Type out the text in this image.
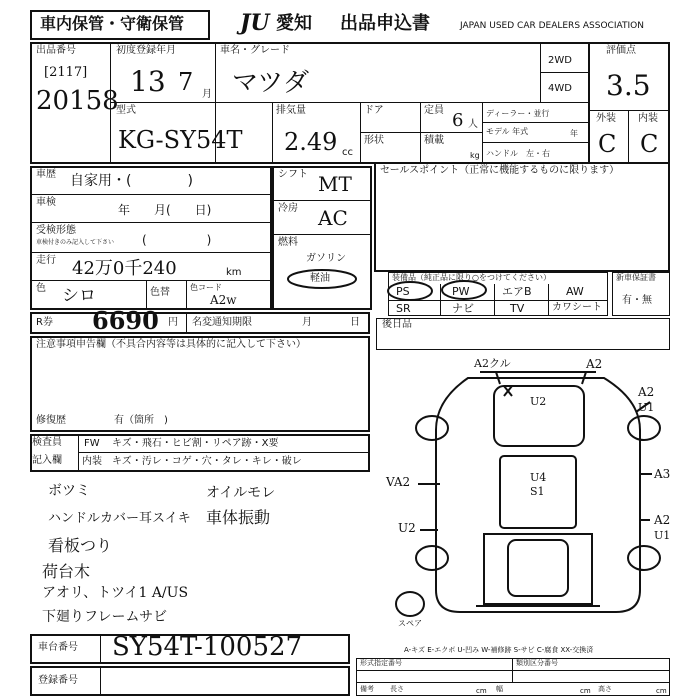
車内保管・守衛保管	JU 愛知 出品申込書	JAPAN USED CAR DEALERS ASSOCIATION
出品番号
[2117]
20158
初度登録年月
13 7 月
車名・グレード
マツダ
2WD
4WD
評価点
3.5
外装 内装
C C
型式
KG-SY54T
排気量
2.49 cc
ドア
形状
定員 6 人
積載
kg
ディーラー・並行
モデル 年式	年
ハンドル　左・右
車歴 自家用・(　　　　)
車検
年　　月(　　日)
受検形態
車検付きのみ記入して下さい (　　　　　)
走行 42万0千240	km
色 シロ	色替	色コード
A2w
シフト MT
冷房 AC
燃料
ガソリン
軽油
セールスポイント（正常に機能するものに限ります）
装備品（純正品に限り○をつけてください）
PS	PW	エアB	AW
SR	ナビ	TV	カワシート
新車保証書
有・無
R券 6690 円 名変通知期限	月	日 後日品
注意事項申告欄（不具合内容等は具体的に記入して下さい）
修復歴	有（箇所 )
検査員
記入欄
FW キズ・飛石・ヒビ割・リペア跡・X要
内装 キズ・汚レ・コゲ・穴・タレ・キレ・破レ
ボツミ
ハンドルカバー耳スイキ
看板つり
荷台木
アオリ、トツイ1 A/US
下廻りフレームサビ
オイルモレ
車体振動
A2クル	A2
U2
A2
U1
A3
VA2	U4
S1
U2
A2
U1
スペア
車台番号 SY54T-100527
登録番号
A-キズ E-エクボ U-凹み W-補修跡 S-サビ C-腐食 XX-交換済
形式指定番号	類別区分番号
備考 長さ	cm 幅	cm 高さ	cm
